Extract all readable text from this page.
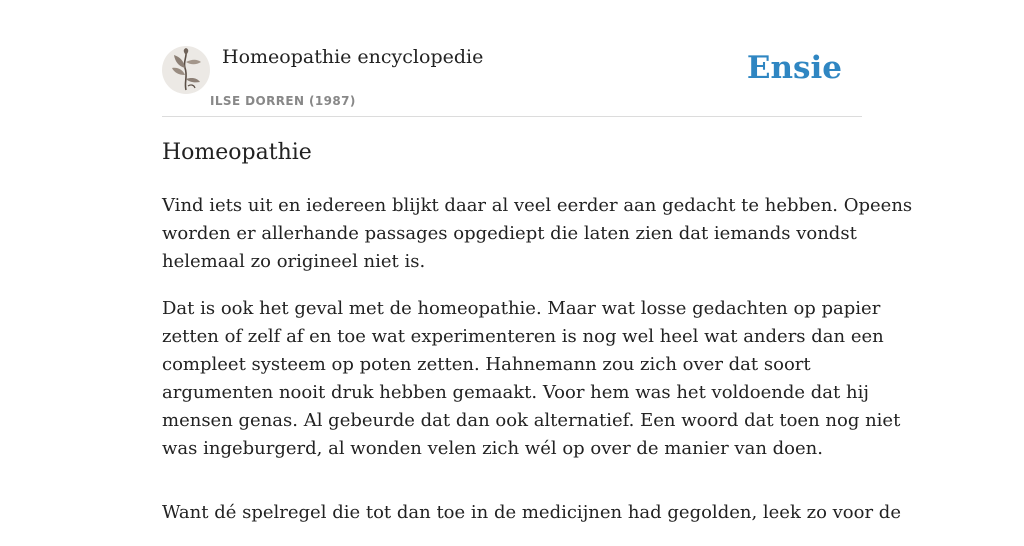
Homeopathie encyclopedie
ILSE DORREN (1987)
Ensie
Homeopathie

Vind iets uit en iedereen blijkt daar al veel eerder aan gedacht te hebben. Opeens
worden er allerhande passages opgediept die laten zien dat iemands vondst
helemaal zo origineel niet is.

Dat is ook het geval met de homeopathie. Maar wat losse gedachten op papier
zetten of zelf af en toe wat experimenteren is nog wel heel wat anders dan een
compleet systeem op poten zetten. Hahnemann zou zich over dat soort
argumenten nooit druk hebben gemaakt. Voor hem was het voldoende dat hij
mensen genas. Al gebeurde dat dan ook alternatief. Een woord dat toen nog niet
was ingeburgerd, al wonden velen zich wél op over de manier van doen.

Want dé spelregel die tot dan toe in de medicijnen had gegolden, leek zo voor de
